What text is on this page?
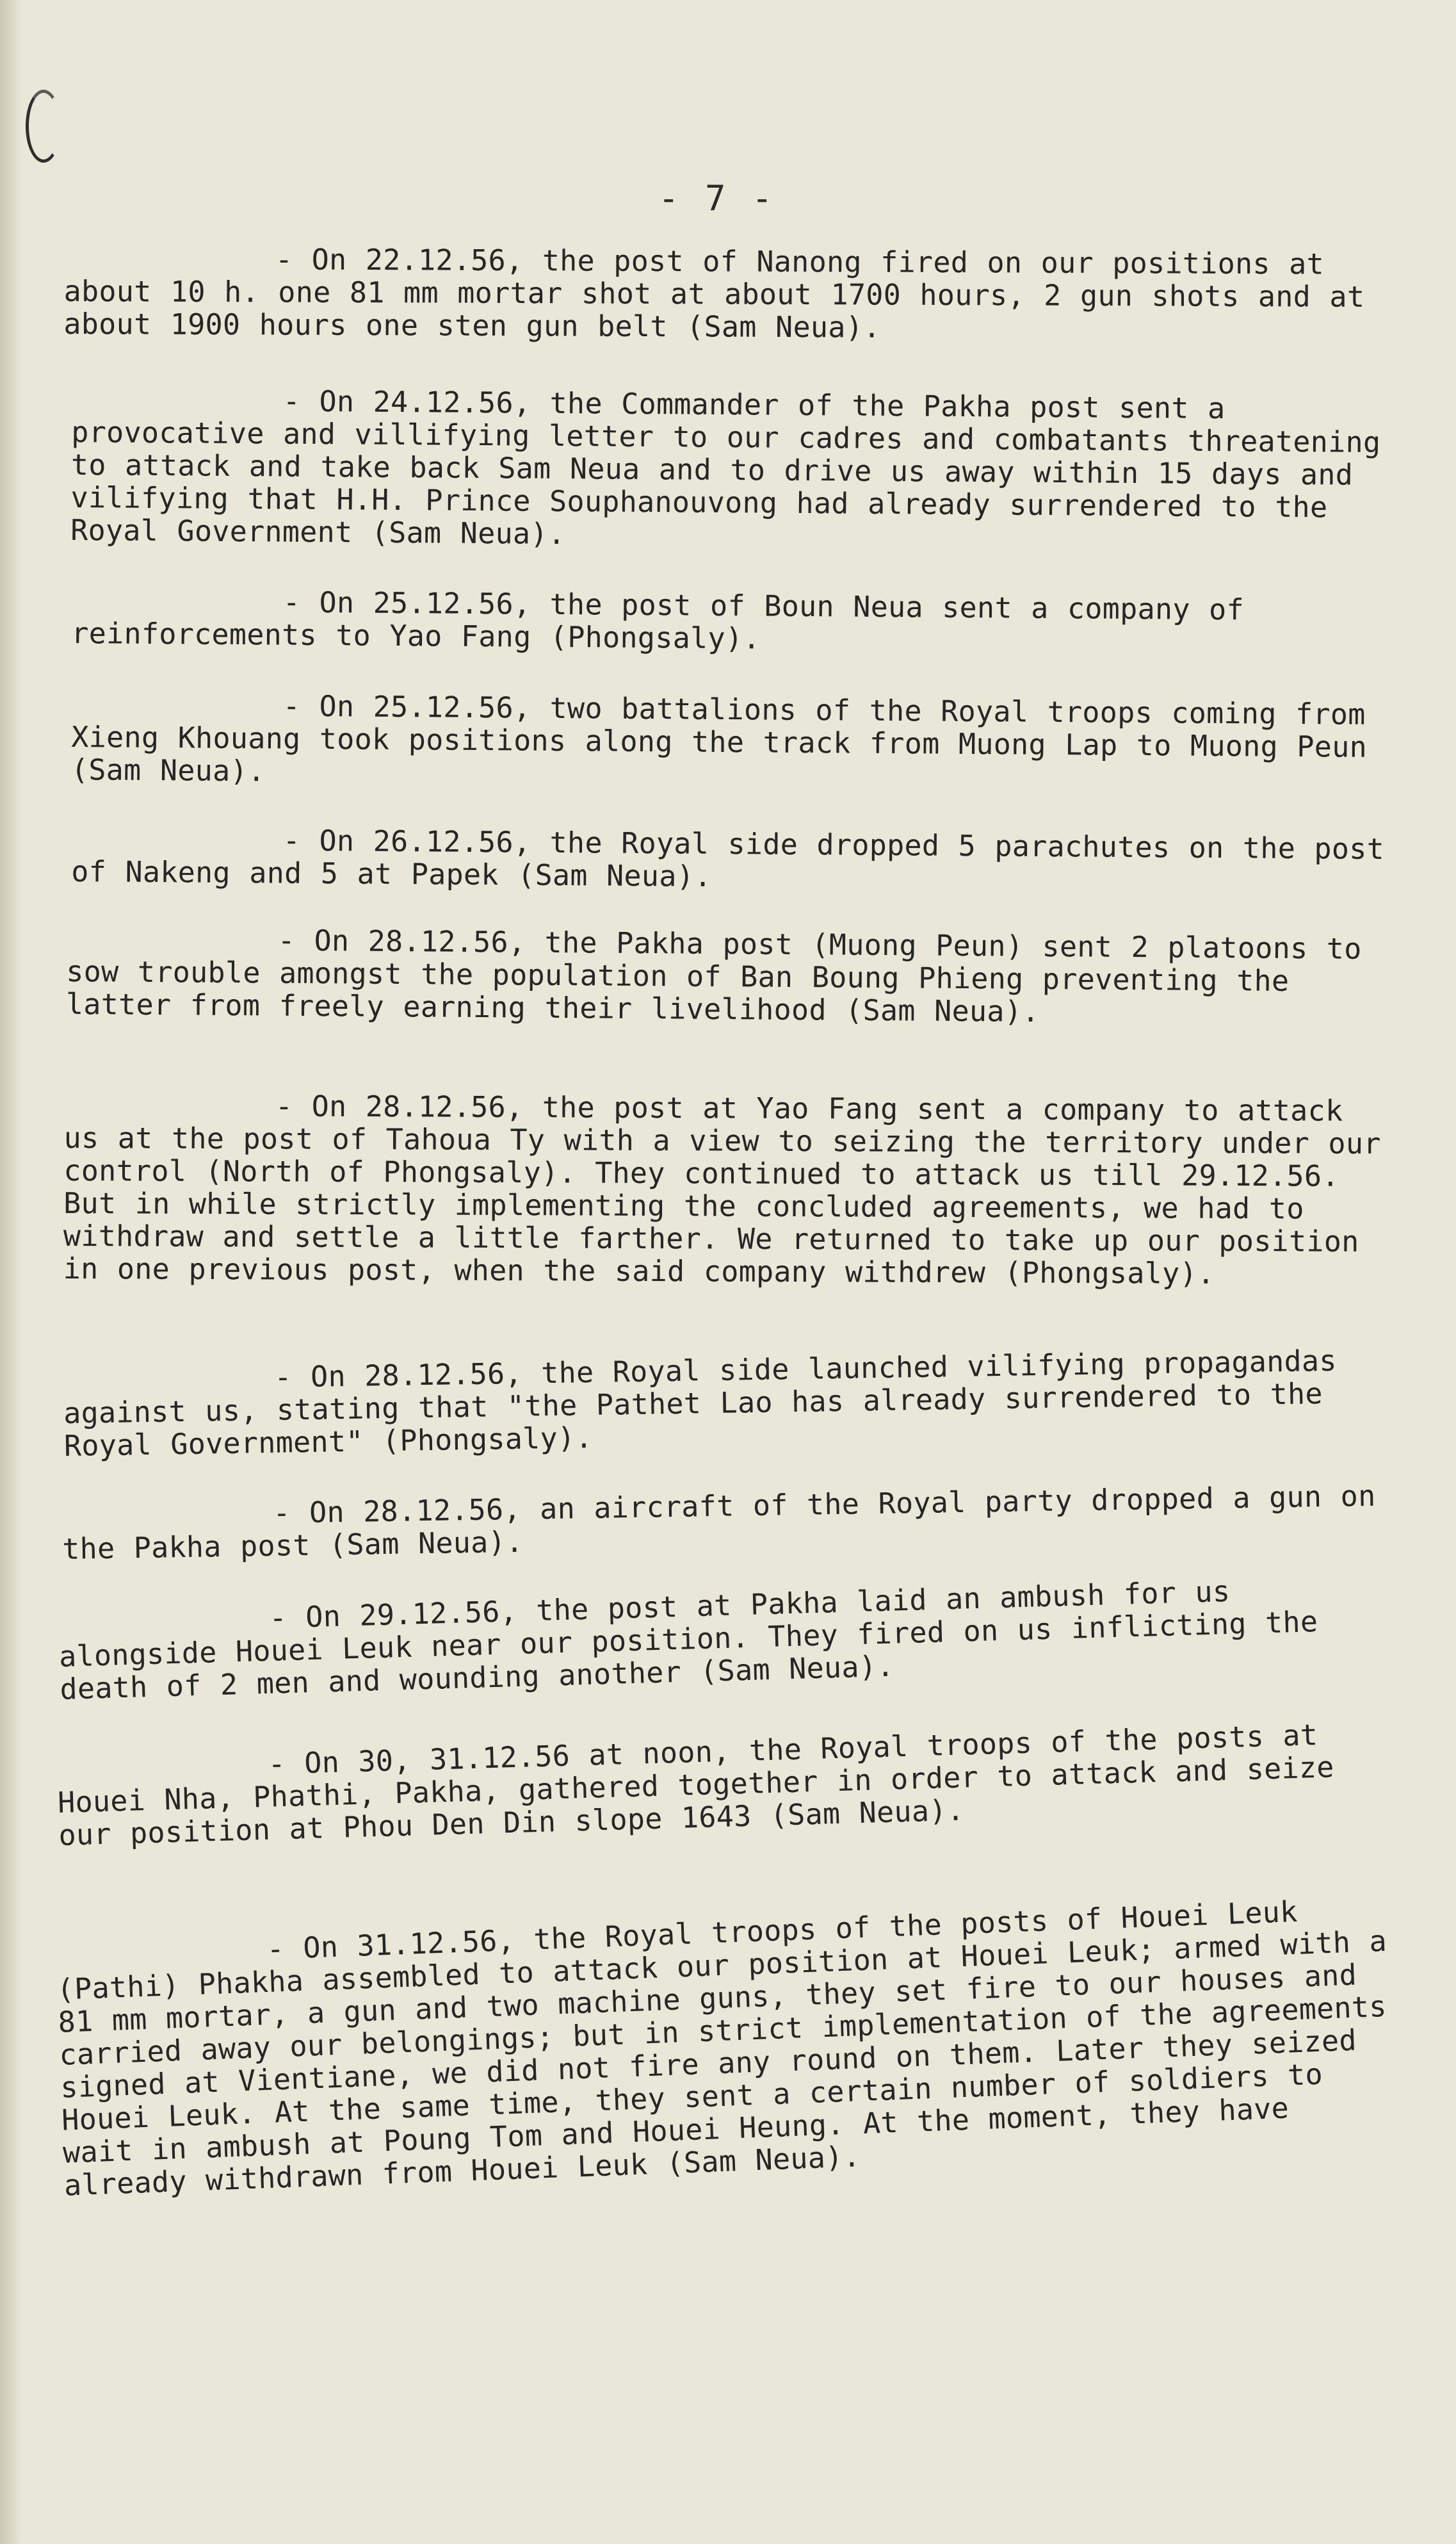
- 7 -

- On 22.12.56, the post of Nanong fired on our positions at about 10 h. one 81 mm mortar shot at about 1700 hours, 2 gun shots and at about 1900 hours one sten gun belt (Sam Neua).

- On 24.12.56, the Commander of the Pakha post sent a provocative and villifying letter to our cadres and combatants threatening to attack and take back Sam Neua and to drive us away within 15 days and vilifying that H.H. Prince Souphanouvong had already surrendered to the Royal Government (Sam Neua).

- On 25.12.56, the post of Boun Neua sent a company of reinforcements to Yao Fang (Phongsaly).

- On 25.12.56, two battalions of the Royal troops coming from Xieng Khouang took positions along the track from Muong Lap to Muong Peun (Sam Neua).

- On 26.12.56, the Royal side dropped 5 parachutes on the post of Nakeng and 5 at Papek (Sam Neua).

- On 28.12.56, the Pakha post (Muong Peun) sent 2 platoons to sow trouble amongst the population of Ban Boung Phieng preventing the latter from freely earning their livelihood (Sam Neua).

- On 28.12.56, the post at Yao Fang sent a company to attack us at the post of Tahoua Ty with a view to seizing the territory under our control (North of Phongsaly). They continued to attack us till 29.12.56. But in while strictly implementing the concluded agreements, we had to withdraw and settle a little farther. We returned to take up our position in one previous post, when the said company withdrew (Phongsaly).

- On 28.12.56, the Royal side launched vilifying propagandas against us, stating that "the Pathet Lao has already surrendered to the Royal Government" (Phongsaly).

- On 28.12.56, an aircraft of the Royal party dropped a gun on the Pakha post (Sam Neua).

- On 29.12.56, the post at Pakha laid an ambush for us alongside Houei Leuk near our position. They fired on us inflicting the death of 2 men and wounding another (Sam Neua).

- On 30, 31.12.56 at noon, the Royal troops of the posts at Houei Nha, Phathi, Pakha, gathered together in order to attack and seize our position at Phou Den Din slope 1643 (Sam Neua).

- On 31.12.56, the Royal troops of the posts of Houei Leuk (Pathi) Phakha assembled to attack our position at Houei Leuk; armed with a 81 mm mortar, a gun and two machine guns, they set fire to our houses and carried away our belongings; but in strict implementation of the agreements signed at Vientiane, we did not fire any round on them. Later they seized Houei Leuk. At the same time, they sent a certain number of soldiers to wait in ambush at Poung Tom and Houei Heung. At the moment, they have already withdrawn from Houei Leuk (Sam Neua).
